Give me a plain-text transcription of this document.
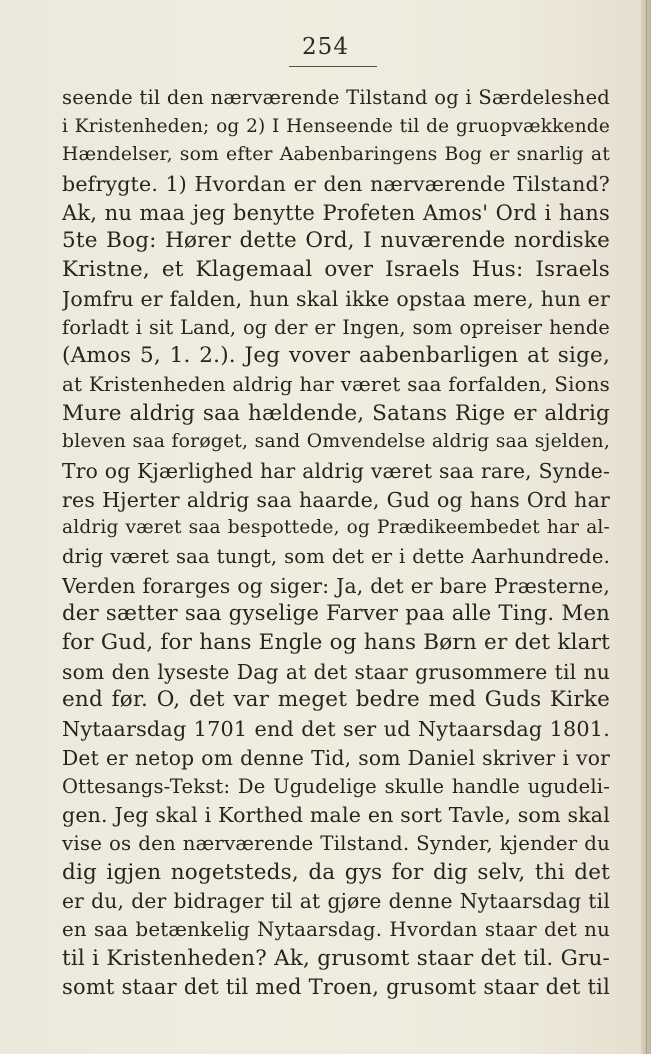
254
seende til den nærværende Tilstand og i Særdeleshed
i Kristenheden; og 2) I Henseende til de gruopvækkende
Hændelser, som efter Aabenbaringens Bog er snarlig at
befrygte. 1) Hvordan er den nærværende Tilstand?
Ak, nu maa jeg benytte Profeten Amos' Ord i hans
5te Bog: Hører dette Ord, I nuværende nordiske
Kristne, et Klagemaal over Israels Hus: Israels
Jomfru er falden, hun skal ikke opstaa mere, hun er
forladt i sit Land, og der er Ingen, som opreiser hende
(Amos 5, 1. 2.). Jeg vover aabenbarligen at sige,
at Kristenheden aldrig har været saa forfalden, Sions
Mure aldrig saa hældende, Satans Rige er aldrig
bleven saa forøget, sand Omvendelse aldrig saa sjelden,
Tro og Kjærlighed har aldrig været saa rare, Synde-
res Hjerter aldrig saa haarde, Gud og hans Ord har
aldrig været saa bespottede, og Prædikeembedet har al-
drig været saa tungt, som det er i dette Aarhundrede.
Verden forarges og siger: Ja, det er bare Præsterne,
der sætter saa gyselige Farver paa alle Ting. Men
for Gud, for hans Engle og hans Børn er det klart
som den lyseste Dag at det staar grusommere til nu
end før. O, det var meget bedre med Guds Kirke
Nytaarsdag 1701 end det ser ud Nytaarsdag 1801.
Det er netop om denne Tid, som Daniel skriver i vor
Ottesangs-Tekst: De Ugudelige skulle handle ugudeli-
gen. Jeg skal i Korthed male en sort Tavle, som skal
vise os den nærværende Tilstand. Synder, kjender du
dig igjen nogetsteds, da gys for dig selv, thi det
er du, der bidrager til at gjøre denne Nytaarsdag til
en saa betænkelig Nytaarsdag. Hvordan staar det nu
til i Kristenheden? Ak, grusomt staar det til. Gru-
somt staar det til med Troen, grusomt staar det til
